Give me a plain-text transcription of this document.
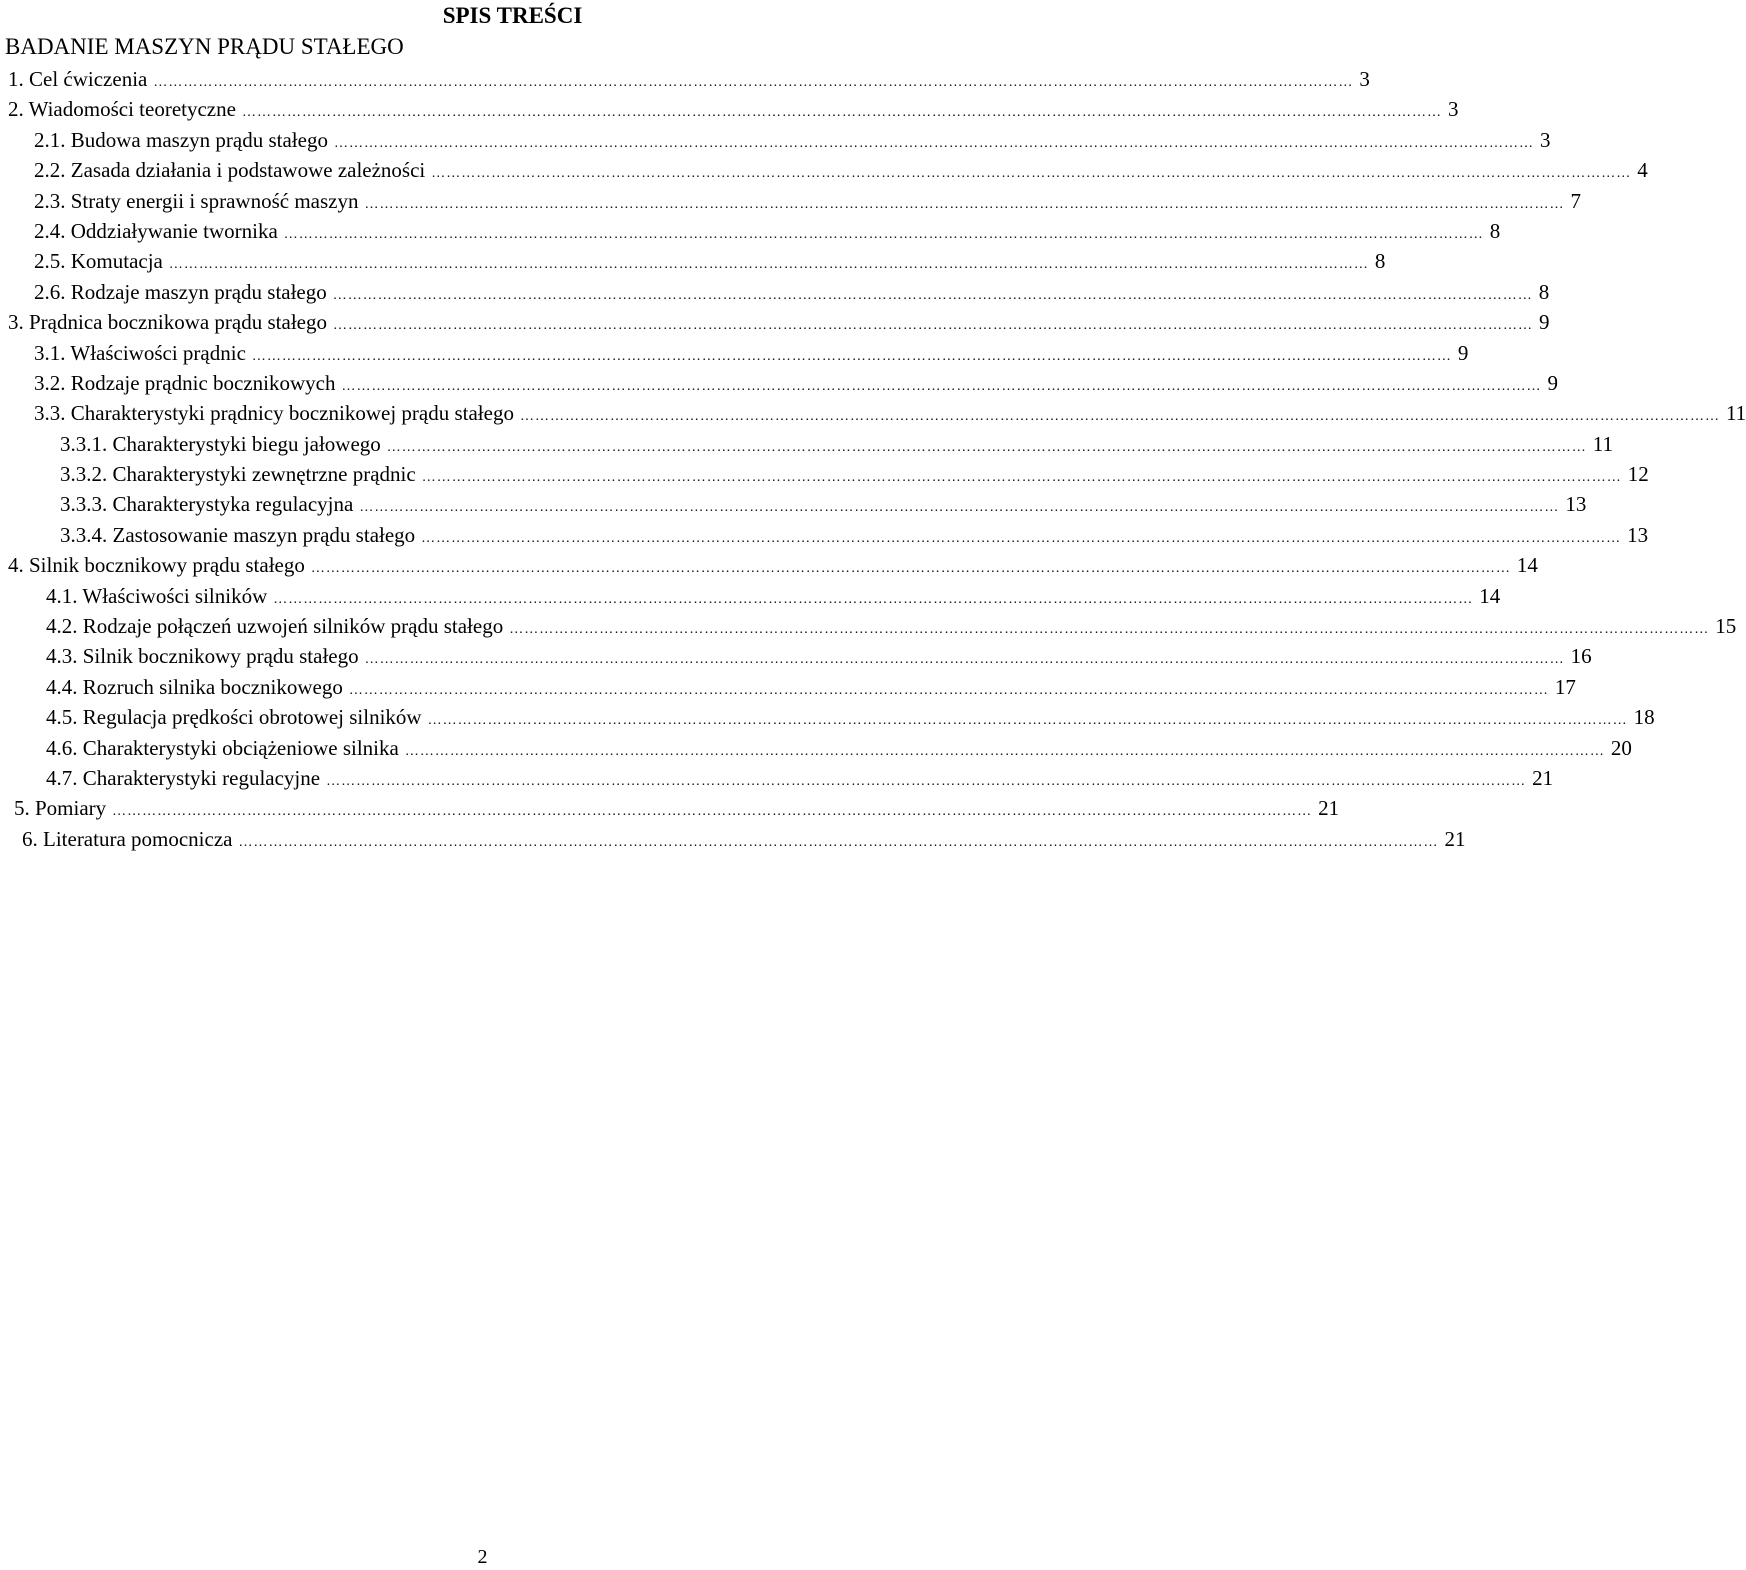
SPIS TREŚCI
BADANIE MASZYN PRĄDU STAŁEGO
1. Cel ćwiczenia …………………………………………………………………………………………………………………………………………………………………………………………………………………… 3
2. Wiadomości teoretyczne …………………………………………………………………………………………………………………………………………………………………………………………………………………… 3
2.1. Budowa maszyn prądu stałego …………………………………………………………………………………………………………………………………………………………………………………………………………………… 3
2.2. Zasada działania i podstawowe zależności …………………………………………………………………………………………………………………………………………………………………………………………………………………… 4
2.3. Straty energii i sprawność maszyn …………………………………………………………………………………………………………………………………………………………………………………………………………………… 7
2.4. Oddziaływanie twornika …………………………………………………………………………………………………………………………………………………………………………………………………………………… 8
2.5. Komutacja …………………………………………………………………………………………………………………………………………………………………………………………………………………… 8
2.6. Rodzaje maszyn prądu stałego …………………………………………………………………………………………………………………………………………………………………………………………………………………… 8
3. Prądnica bocznikowa prądu stałego …………………………………………………………………………………………………………………………………………………………………………………………………………………… 9
3.1. Właściwości prądnic …………………………………………………………………………………………………………………………………………………………………………………………………………………… 9
3.2. Rodzaje prądnic bocznikowych …………………………………………………………………………………………………………………………………………………………………………………………………………………… 9
3.3. Charakterystyki prądnicy bocznikowej prądu stałego …………………………………………………………………………………………………………………………………………………………………………………………………………………… 11
3.3.1. Charakterystyki biegu jałowego …………………………………………………………………………………………………………………………………………………………………………………………………………………… 11
3.3.2. Charakterystyki zewnętrzne prądnic …………………………………………………………………………………………………………………………………………………………………………………………………………………… 12
3.3.3. Charakterystyka regulacyjna …………………………………………………………………………………………………………………………………………………………………………………………………………………… 13
3.3.4. Zastosowanie maszyn prądu stałego …………………………………………………………………………………………………………………………………………………………………………………………………………………… 13
4. Silnik bocznikowy prądu stałego …………………………………………………………………………………………………………………………………………………………………………………………………………………… 14
4.1. Właściwości silników …………………………………………………………………………………………………………………………………………………………………………………………………………………… 14
4.2. Rodzaje połączeń uzwojeń silników prądu stałego …………………………………………………………………………………………………………………………………………………………………………………………………………………… 15
4.3. Silnik bocznikowy prądu stałego …………………………………………………………………………………………………………………………………………………………………………………………………………………… 16
4.4. Rozruch silnika bocznikowego …………………………………………………………………………………………………………………………………………………………………………………………………………………… 17
4.5. Regulacja prędkości obrotowej silników …………………………………………………………………………………………………………………………………………………………………………………………………………………… 18
4.6. Charakterystyki obciążeniowe silnika …………………………………………………………………………………………………………………………………………………………………………………………………………………… 20
4.7. Charakterystyki regulacyjne …………………………………………………………………………………………………………………………………………………………………………………………………………………… 21
5. Pomiary …………………………………………………………………………………………………………………………………………………………………………………………………………………… 21
6. Literatura pomocnicza …………………………………………………………………………………………………………………………………………………………………………………………………………………… 21
2
